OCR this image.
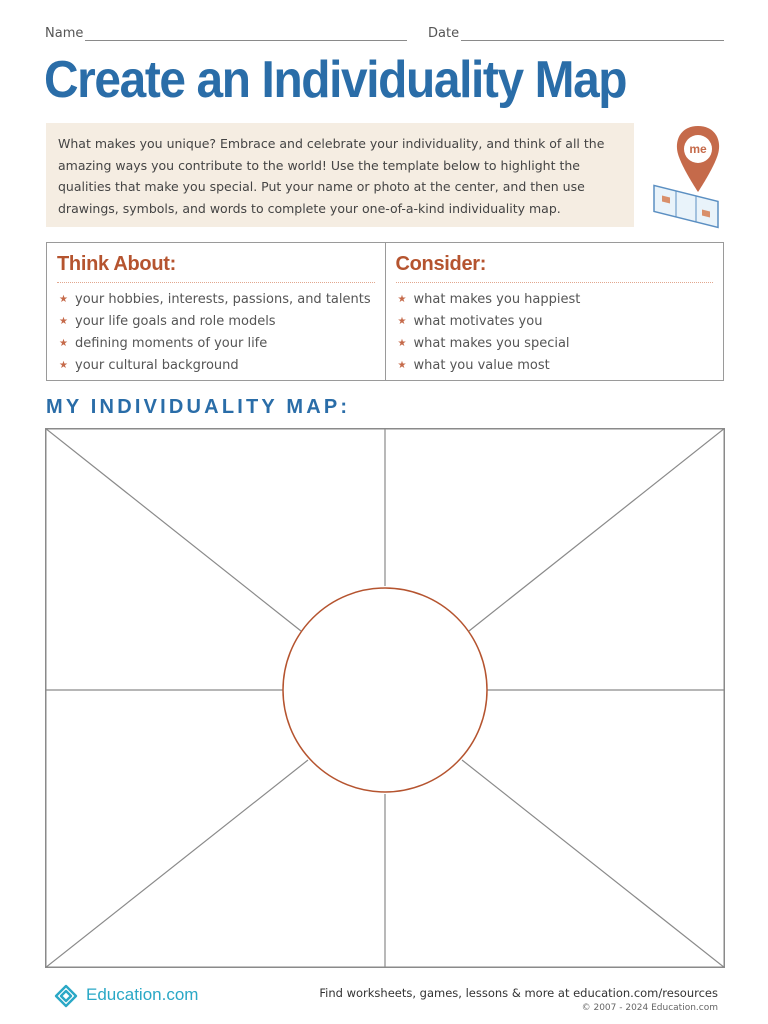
Name	Date
Create an Individuality Map
What makes you unique? Embrace and celebrate your individuality, and think of all the amazing ways you contribute to the world! Use the template below to highlight the qualities that make you special. Put your name or photo at the center, and then use drawings, symbols, and words to complete your one-of-a-kind individuality map.
me
Think About:
★ your hobbies, interests, passions, and talents
★ your life goals and role models
★ defining moments of your life
★ your cultural background
Consider:
★ what makes you happiest
★ what motivates you
★ what makes you special
★ what you value most
MY INDIVIDUALITY MAP:
Education.com	Find worksheets, games, lessons & more at education.com/resources
© 2007 - 2024 Education.com
